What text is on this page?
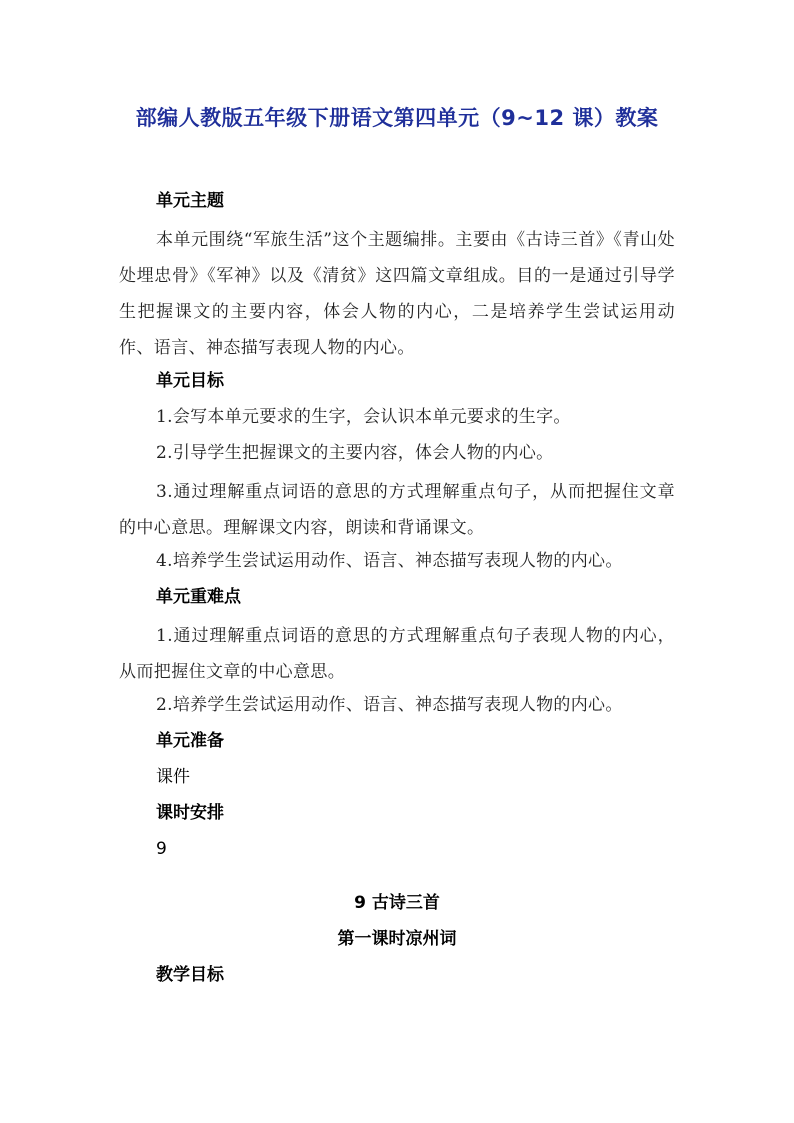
部编人教版五年级下册语文第四单元（9~12 课）教案
单元主题

本单元围绕“军旅生活”这个主题编排。主要由《古诗三首》《青山处处埋忠骨》《军神》以及《清贫》这四篇文章组成。目的一是通过引导学生把握课文的主要内容，体会人物的内心，二是培养学生尝试运用动作、语言、神态描写表现人物的内心。

单元目标
1.会写本单元要求的生字，会认识本单元要求的生字。
2.引导学生把握课文的主要内容，体会人物的内心。

3.通过理解重点词语的意思的方式理解重点句子，从而把握住文章的中心意思。理解课文内容，朗读和背诵课文。

4.培养学生尝试运用动作、语言、神态描写表现人物的内心。
单元重难点

1.通过理解重点词语的意思的方式理解重点句子表现人物的内心，从而把握住文章的中心意思。

2.培养学生尝试运用动作、语言、神态描写表现人物的内心。
单元准备
课件
课时安排
9
9 古诗三首
第一课时凉州词
教学目标
